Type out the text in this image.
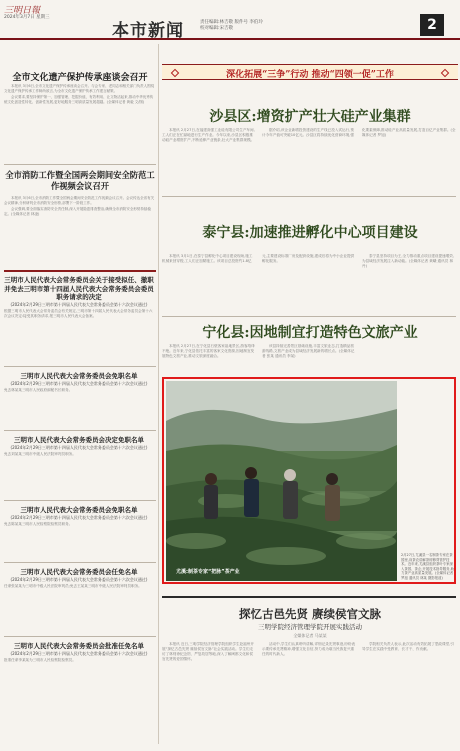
三明日報
2024年3月7日 星期三
本市新闻	责任编辑:林吉敬 版件号 李伯玲
校对编辑:宋吉敬	2
全市文化遗产保护传承座谈会召开

本报讯 3月6日,全市文化遗产保护传承座谈会召开。与会专家、老同志和相关部门负责人围绕文化遗产保护传承工作畅所欲言,为全市文化遗产保护传承工作建言献策。

会议要求,要坚持保护第一、加强管理、挖掘价值、有效利用、让文物活起来,推动中华优秀传统文化创造性转化、创新性发展,更好地服务三明高质量发展超越。(全媒体记者 黄毅 文/图)

全市消防工作暨全国两会期间安全防范工作视频会议召开

本报讯 3月6日,全市消防工作暨全国两会期间安全防范工作视频会议召开。会议传达全省有关会议精神,分析研判全市消防安全形势,部署下一阶段工作。

会议强调,要全面落实消防安全责任制,深入开展隐患排查整治,确保全市消防安全形势持续稳定。(全媒体记者 林凌)

三明市人民代表大会常务委员会关于接受拟任、撤职并免去三明市第十四届人民代表大会常务委员会委员职务请求的决定
(2024年2月29日三明市第十四届人民代表大会常务委员会第十六次会议通过)
根据三明市人民代表大会常务委员会有关规定,三明市第十四届人民代表大会常务委员会第十六次会议决定:接受其职务请求,报三明市人民代表大会备案。
三明市人民代表大会常务委员会免职名单
(2024年2月29日三明市第十四届人民代表大会常务委员会第十六次会议通过)
免去林某某三明市人民政府副秘书长职务。
三明市人民代表大会常务委员会决定免职名单
(2024年2月29日三明市第十四届人民代表大会常务委员会第十六次会议通过)
免去刘某某三明市中级人民法院审判员职务。
三明市人民代表大会常务委员会免职名单
(2024年2月29日三明市第十四届人民代表大会常务委员会第十六次会议通过)
免去陈某某三明市人民检察院检察员职务。
三明市人民代表大会常务委员会任免名单
(2024年2月29日三明市第十四届人民代表大会常务委员会第十六次会议通过)
任命张某某为三明市中级人民法院审判员;免去王某某三明市中级人民法院审判员职务。
三明市人民代表大会常务委员会批准任免名单
(2024年2月29日三明市第十四届人民代表大会常务委员会第十六次会议通过)
批准任命李某某为三明市人民检察院检察员。
深化拓展“三争”行动 推动“四领一促”工作
沙县区:增资扩产壮大硅产业集群

本报讯 2月27日,在福建高强工业硅有限公司生产车间,工人们正在忙碌地进行生产作业。今年以来,沙县区积极推动硅产业增资扩产,不断延伸产业链条,壮大产业集群规模。

据介绍,该企业新增投资建设的生产线已投入试运行,预计今年产值可突破10亿元。沙县区将持续优化营商环境,强化要素保障,推动硅产业高质量发展,打造百亿产业集群。(全媒体记者 罗旭)

泰宁县:加速推进孵化中心项目建设

本报讯 3月1日,在泰宁县孵化中心项目建设现场,施工机械来回穿梭,工人们正加紧施工。该项目总投资约1.8亿元,主要建设标准厂房及配套设施,建成后将为中小企业提供孵化服务。

泰宁县坚持项目为王,全力推动重点项目建设提速增效,为县域经济发展注入新动能。(全媒体记者 黄曦 通讯员 林丹)

宁化县:因地制宜打造特色文旅产业

本报讯 2月27日,在宁化县石壁客家祖地景区,游客络绎不绝。近年来,宁化县依托丰富的客家文化资源,因地制宜发展特色文旅产业,推动文旅深度融合。

该县持续完善景区基础设施,丰富文旅业态,打造精品旅游线路,文旅产业成为县域经济发展新的增长点。(全媒体记者 张某 通讯员 李某)

尤溪:制茶专家“把脉”茶产业
2月27日,尤溪县一名制茶专家在茶园里,向茶农讲解茶树修剪管护技术。近年来,尤溪县组织茶叶专家深入茶园、茶企,开展技术指导服务,助力茶产业高质量发展。(全媒体记者 罗旭 通讯员 林某 摄影报道)
探忆古邑先贤 赓续侯官文脉
三明学院经济管理学院开展实践活动
全媒体记者 马某某

本报讯 近日,三明学院经济管理学院组织学生赴福州开展“探忆古邑先贤 赓续侯官文脉”社会实践活动。学生们走访了林则徐纪念馆、严复故居等地,深入了解闽都文化和侯官先贤的爱国情怀。

活动中,学生们认真聆听讲解,详细记录先贤事迹,纷纷表示要传承先贤精神,增强文化自信,努力成为堪当民族复兴重任的时代新人。

学院相关负责人表示,此次活动有效拓展了思政课堂,引导学生在实践中受教育、长才干、作贡献。
